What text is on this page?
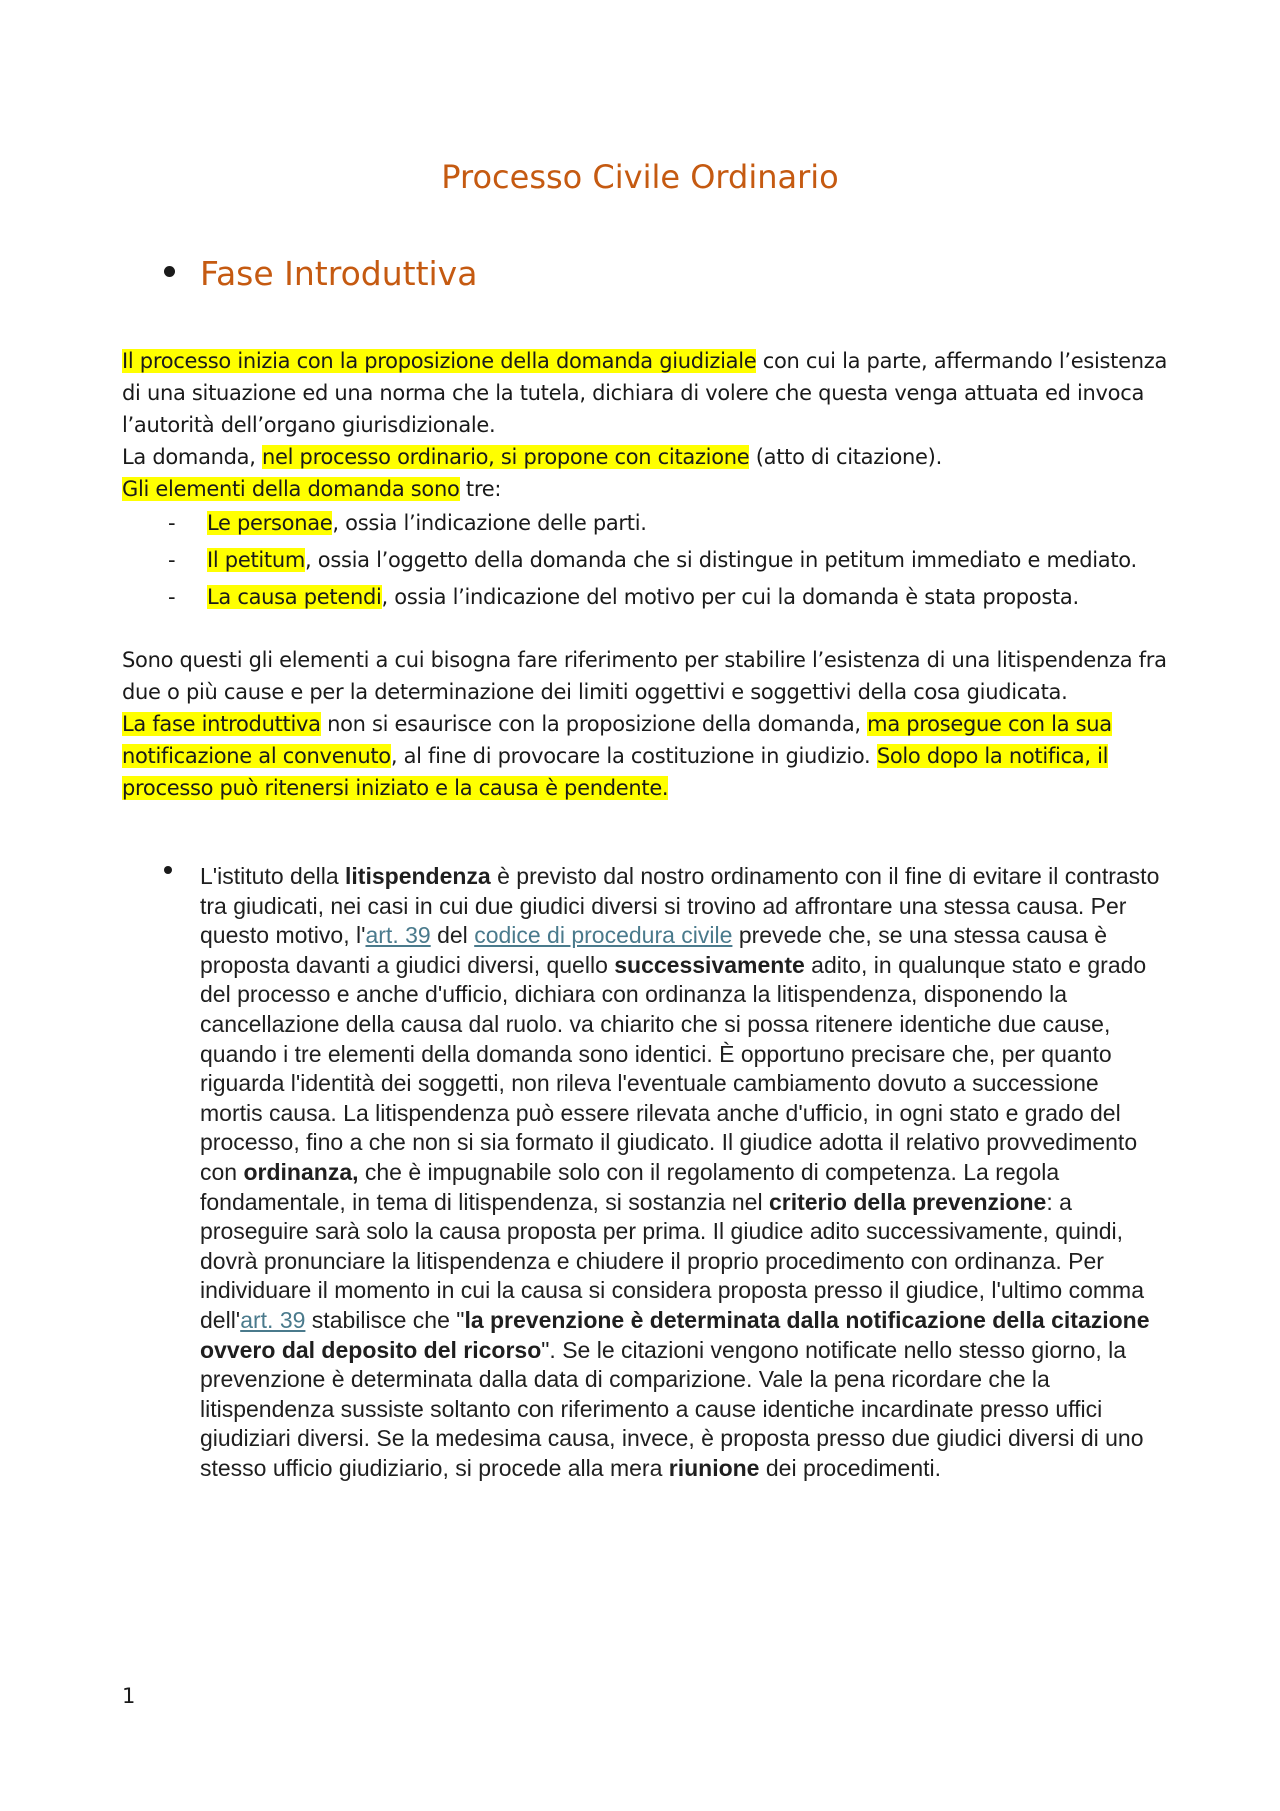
Processo Civile Ordinario
Fase Introduttiva

Il processo inizia con la proposizione della domanda giudiziale con cui la parte, affermando l’esistenza di una situazione ed una norma che la tutela, dichiara di volere che questa venga attuata ed invoca l’autorità dell’organo giurisdizionale.

La domanda, nel processo ordinario, si propone con citazione (atto di citazione).

Gli elementi della domanda sono tre:

- Le personae, ossia l’indicazione delle parti.
- Il petitum, ossia l’oggetto della domanda che si distingue in petitum immediato e mediato.
- La causa petendi, ossia l’indicazione del motivo per cui la domanda è stata proposta.

Sono questi gli elementi a cui bisogna fare riferimento per stabilire l’esistenza di una litispendenza fra due o più cause e per la determinazione dei limiti oggettivi e soggettivi della cosa giudicata.

La fase introduttiva non si esaurisce con la proposizione della domanda, ma prosegue con la sua notificazione al convenuto, al fine di provocare la costituzione in giudizio. Solo dopo la notifica, il processo può ritenersi iniziato e la causa è pendente.

L'istituto della litispendenza è previsto dal nostro ordinamento con il fine di evitare il contrasto tra giudicati, nei casi in cui due giudici diversi si trovino ad affrontare una stessa causa. Per questo motivo, l'art. 39 del codice di procedura civile prevede che, se una stessa causa è proposta davanti a giudici diversi, quello successivamente adito, in qualunque stato e grado del processo e anche d'ufficio, dichiara con ordinanza la litispendenza, disponendo la cancellazione della causa dal ruolo. va chiarito che si possa ritenere identiche due cause, quando i tre elementi della domanda sono identici. È opportuno precisare che, per quanto riguarda l'identità dei soggetti, non rileva l'eventuale cambiamento dovuto a successione mortis causa. La litispendenza può essere rilevata anche d'ufficio, in ogni stato e grado del processo, fino a che non si sia formato il giudicato. Il giudice adotta il relativo provvedimento con ordinanza, che è impugnabile solo con il regolamento di competenza. La regola fondamentale, in tema di litispendenza, si sostanzia nel criterio della prevenzione: a proseguire sarà solo la causa proposta per prima. Il giudice adito successivamente, quindi, dovrà pronunciare la litispendenza e chiudere il proprio procedimento con ordinanza. Per individuare il momento in cui la causa si considera proposta presso il giudice, l'ultimo comma dell'art. 39 stabilisce che "la prevenzione è determinata dalla notificazione della citazione ovvero dal deposito del ricorso". Se le citazioni vengono notificate nello stesso giorno, la prevenzione è determinata dalla data di comparizione. Vale la pena ricordare che la litispendenza sussiste soltanto con riferimento a cause identiche incardinate presso uffici giudiziari diversi. Se la medesima causa, invece, è proposta presso due giudici diversi di uno stesso ufficio giudiziario, si procede alla mera riunione dei procedimenti.

1
